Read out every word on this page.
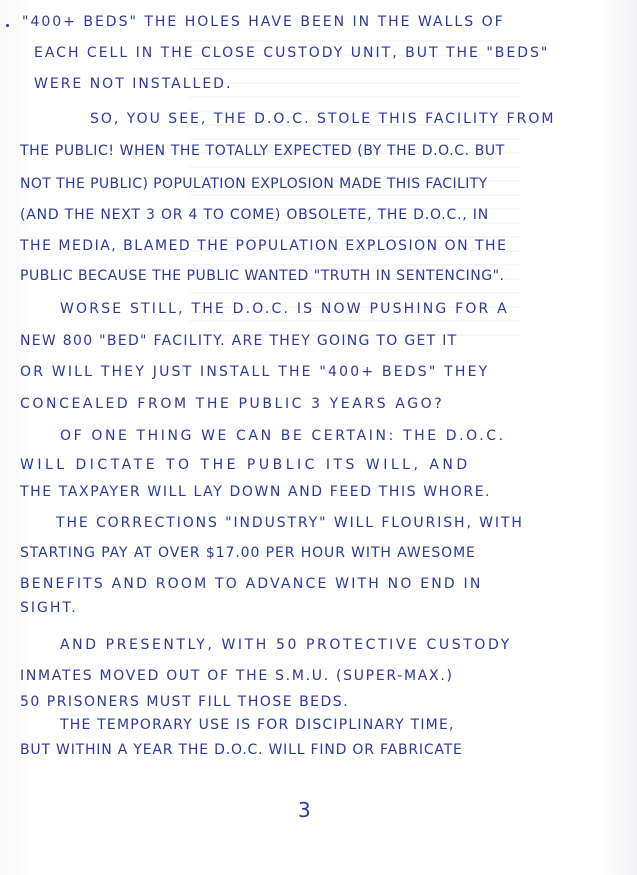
"400+ BEDS" THE HOLES HAVE BEEN IN THE WALLS OF
EACH CELL IN THE CLOSE CUSTODY UNIT, BUT THE "BEDS"
WERE NOT INSTALLED.
SO, YOU SEE, THE D.O.C. STOLE THIS FACILITY FROM
THE PUBLIC! WHEN THE TOTALLY EXPECTED (BY THE D.O.C. BUT
NOT THE PUBLIC) POPULATION EXPLOSION MADE THIS FACILITY
(AND THE NEXT 3 OR 4 TO COME) OBSOLETE, THE D.O.C., IN
THE MEDIA, BLAMED THE POPULATION EXPLOSION ON THE
PUBLIC BECAUSE THE PUBLIC WANTED "TRUTH IN SENTENCING".
WORSE STILL, THE D.O.C. IS NOW PUSHING FOR A
NEW 800 "BED" FACILITY. ARE THEY GOING TO GET IT
OR WILL THEY JUST INSTALL THE "400+ BEDS" THEY
CONCEALED FROM THE PUBLIC 3 YEARS AGO?
OF ONE THING WE CAN BE CERTAIN: THE D.O.C.
WILL DICTATE TO THE PUBLIC ITS WILL, AND
THE TAXPAYER WILL LAY DOWN AND FEED THIS WHORE.
THE CORRECTIONS "INDUSTRY" WILL FLOURISH, WITH
STARTING PAY AT OVER $17.00 PER HOUR WITH AWESOME
BENEFITS AND ROOM TO ADVANCE WITH NO END IN
SIGHT.
AND PRESENTLY, WITH 50 PROTECTIVE CUSTODY
INMATES MOVED OUT OF THE S.M.U. (SUPER-MAX.)
50 PRISONERS MUST FILL THOSE BEDS.
THE TEMPORARY USE IS FOR DISCIPLINARY TIME,
BUT WITHIN A YEAR THE D.O.C. WILL FIND OR FABRICATE
3
